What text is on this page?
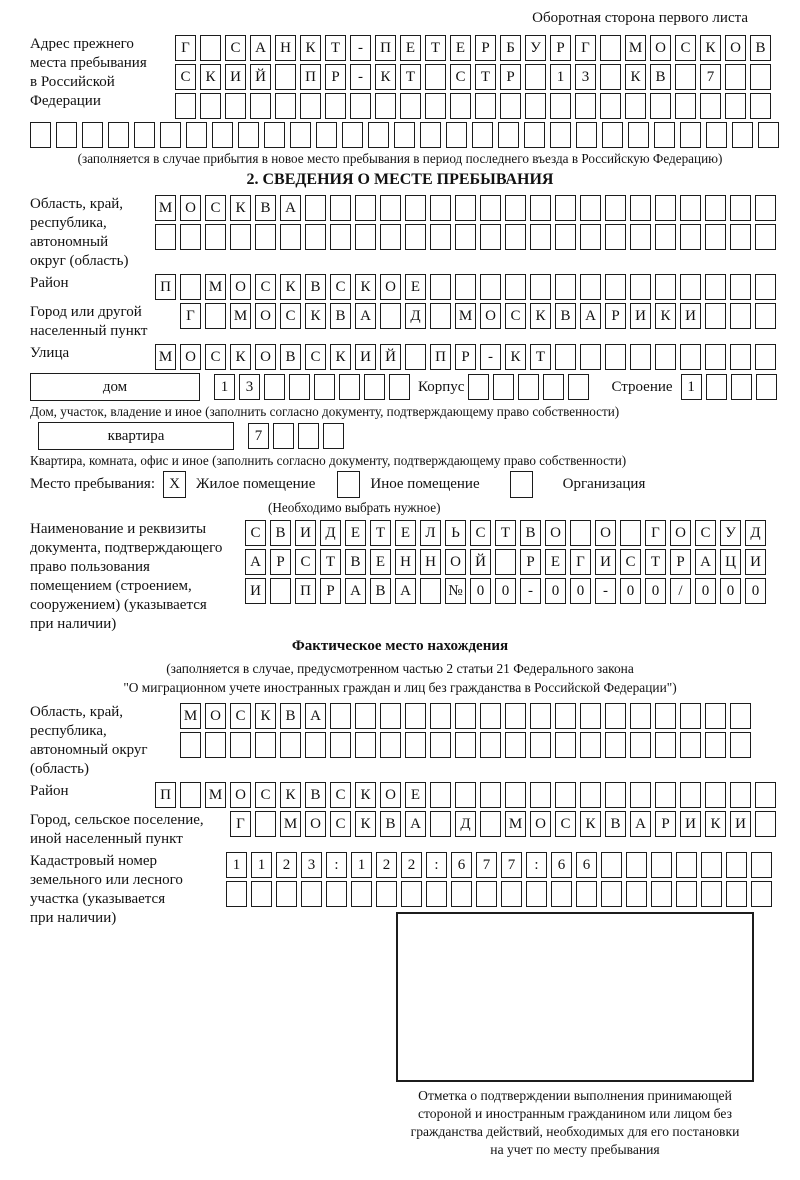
Оборотная сторона первого листа
Адрес прежнего
места пребывания
в Российской
Федерации
Г	С А Н К	Т	-	П Е	Т	Е	Р	Б	У	Р	Г	М О С К О В
С К И Й	П	Р	-	К	Т	С	Т	Р	1	3	К В	7
(заполняется в случае прибытия в новое место пребывания в период последнего въезда в Российскую Федерацию)
2. СВЕДЕНИЯ О МЕСТЕ ПРЕБЫВАНИЯ
Область, край,
республика,
автономный
округ (область)
М О С К В А
Район	П	М О С К В С К О Е
Город или другой
населенный пункт
Г	М О С К В А	Д	М О С К В А	Р	И К И
Улица	М О С К О В С К И Й	П	Р	-	К	Т
дом	1	3	Корпус	Строение 1
Дом, участок, владение и иное (заполнить согласно документу, подтверждающему право собственности)
квартира	7
Квартира, комната, офис и иное (заполнить согласно документу, подтверждающему право собственности)
Место пребывания: X	Жилое помещение	Иное помещение	Организация
(Необходимо выбрать нужное)
Наименование и реквизиты
документа, подтверждающего
право пользования
помещением (строением,
сооружением) (указывается
при наличии)
С В И Д	Е	Т	Е	Л	Ь	С	Т	В О	О	Г	О С У Д
А	Р	С	Т	В	Е	Н Н О Й	Р	Е	Г	И С	Т	Р	А Ц И
И	П	Р	А В А	№ 0	0	-	0	0	-	0	0	/	0	0	0
Фактическое место нахождения
(заполняется в случае, предусмотренном частью 2 статьи 21 Федерального закона
"О миграционном учете иностранных граждан и лиц без гражданства в Российской Федерации")
Область, край,
республика,
автономный округ
(область)
М О С К В А
Район	П	М О С К В С К О Е
Город, сельское поселение,
иной населенный пункт
Г	М О С К В А	Д	М О С К В А	Р	И К И
Кадастровый номер
земельного или лесного
участка (указывается
при наличии)
1	1	2	3	:	1	2	2	:	6	7	7	:	6	6
Отметка о подтверждении выполнения принимающей
стороной и иностранным гражданином или лицом без
гражданства действий, необходимых для его постановки
на учет по месту пребывания
